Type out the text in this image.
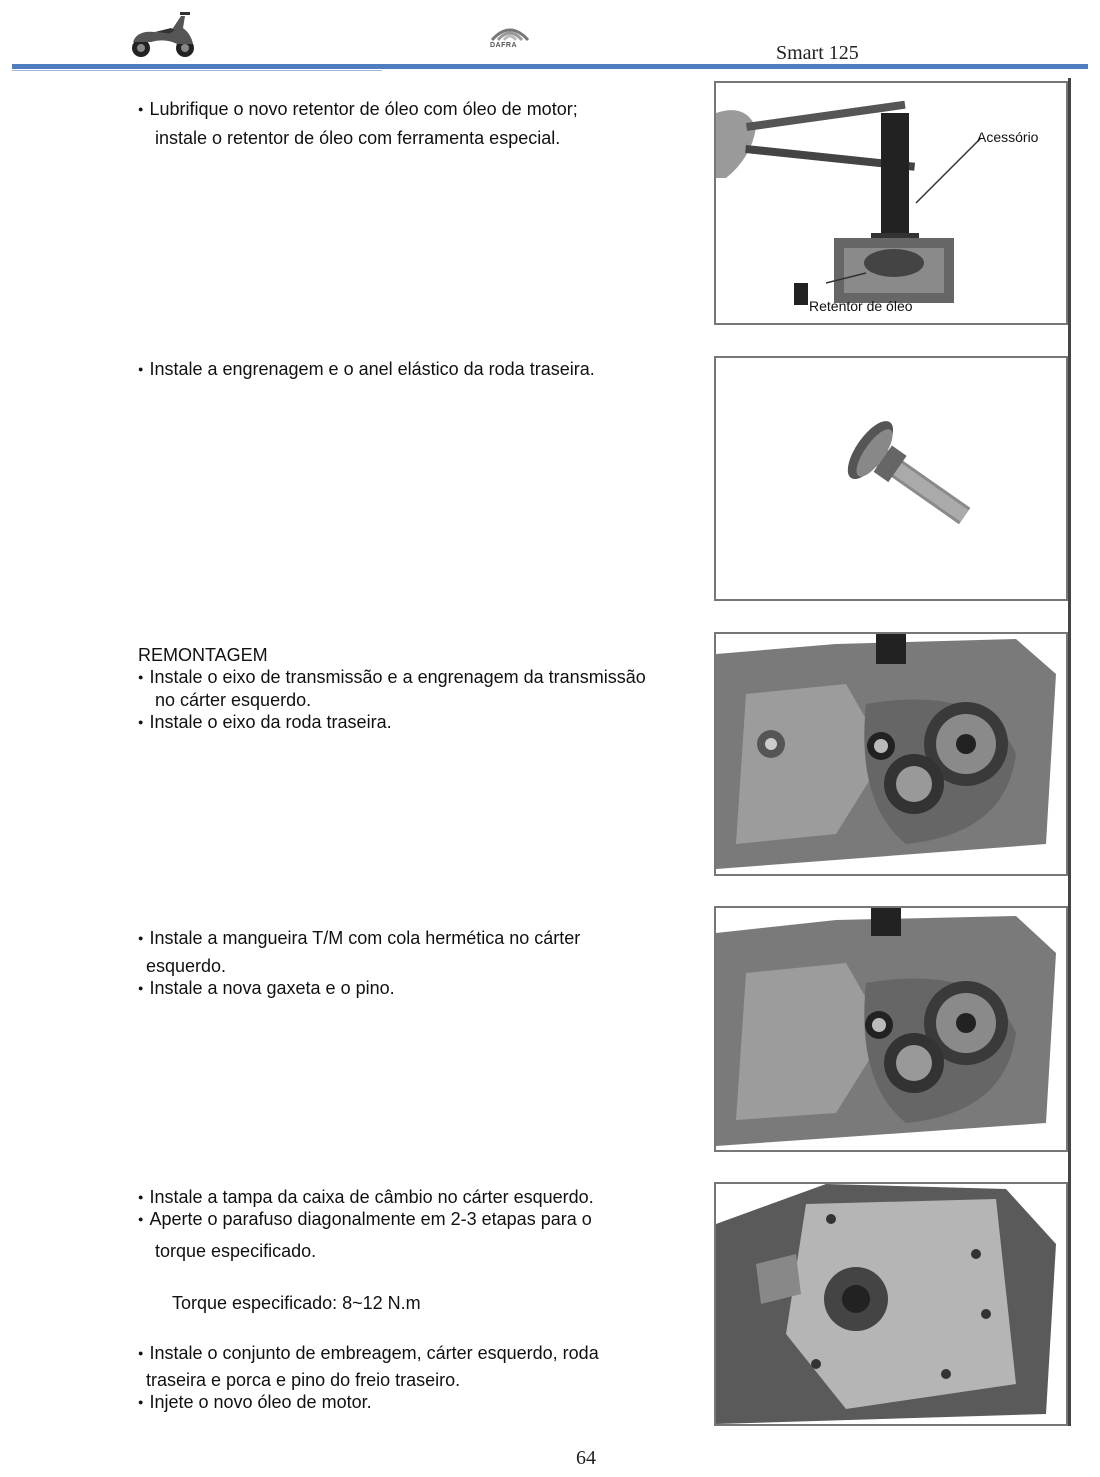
DAFRA	Smart 125
● Lubrifique o novo retentor de óleo com óleo de motor;
instale o retentor de óleo com ferramenta especial.	Acessório
Retentor de óleo
● Instale a engrenagem e o anel elástico da roda traseira.
REMONTAGEM
● Instale o eixo de transmissão e a engrenagem da transmissão
no cárter esquerdo.
● Instale o eixo da roda traseira.
● Instale a mangueira T/M com cola hermética no cárter
esquerdo.
● Instale a nova gaxeta e o pino.
● Instale a tampa da caixa de câmbio no cárter esquerdo.
● Aperte o parafuso diagonalmente em 2-3 etapas para o
torque especificado.
Torque especificado: 8~12 N.m
● Instale o conjunto de embreagem, cárter esquerdo, roda
traseira e porca e pino do freio traseiro.
● Injete o novo óleo de motor.
64
